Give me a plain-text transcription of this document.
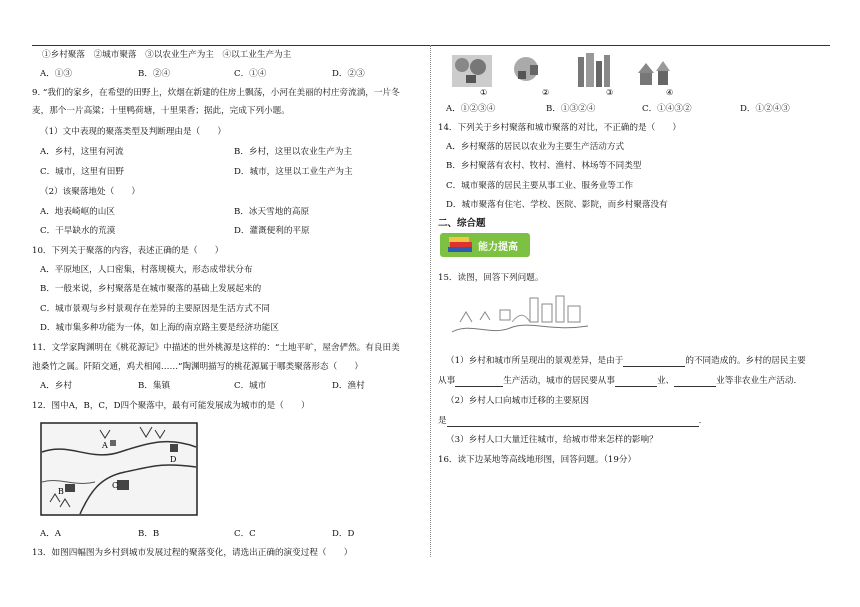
①乡村聚落　②城市聚落　③以农业生产为主　④以工业生产为主
A．①③	B．②④	C．①④	D．②③
9. “我们的家乡，在希望的田野上，炊烟在新建的住房上飘荡，小河在美丽的村庄旁流淌，一片冬
麦，那个一片高粱；十里鸭荷塘，十里果香；据此，完成下列小题。
（1）文中表现的聚落类型及判断理由是（　　）
A．乡村，这里有河流	B．乡村，这里以农业生产为主
C．城市，这里有田野	D．城市，这里以工业生产为主
（2）该聚落地处（　　）
A．地表崎岖的山区	B．冰天雪地的高原
C．干旱缺水的荒漠	D．灌溉便利的平原
10．下列关于聚落的内容，表述正确的是（　　）
A．平原地区，人口密集，村落规模大，形态成带状分布
B．一般来说，乡村聚落是在城市聚落的基础上发展起来的
C．城市景观与乡村景观存在差异的主要原因是生活方式不同
D．城市集多种功能为一体，如上海的南京路主要是经济功能区
11．文学家陶渊明在《桃花源记》中描述的世外桃源是这样的：“土地平旷，屋舍俨然。有良田美
池桑竹之属。阡陌交通，鸡犬相闻……”陶渊明描写的桃花源属于哪类聚落形态（　　）
A．乡村	B．集镇	C．城市	D．渔村
12．图中A，B，C，D四个聚落中，最有可能发展成为城市的是（　　）
A
B
C
D
A．A	B．B	C．C	D．D
13．如图四幅图为乡村到城市发展过程的聚落变化，请选出正确的演变过程（　　）
①	②	③	④
A．①②③④	B．①③②④	C．①④③②	D．①②④③
14．下列关于乡村聚落和城市聚落的对比，不正确的是（　　）
A．乡村聚落的居民以农业为主要生产活动方式
B．乡村聚落有农村、牧村、渔村、林场等不同类型
C．城市聚落的居民主要从事工业、服务业等工作
D．城市聚落有住宅、学校、医院、影院，而乡村聚落没有
二、综合题
能力提高
15．读图，回答下列问题。
（1）乡村和城市所呈现出的景观差异，是由于	的不同造成的。乡村的居民主要
从事	生产活动，城市的居民要从事	业、	业等非农业生产活动.
（2）乡村人口向城市迁移的主要原因
是	.
（3）乡村人口大量迁往城市，给城市带来怎样的影响？
16．读下边某地等高线地形图，回答问题。（19分）
